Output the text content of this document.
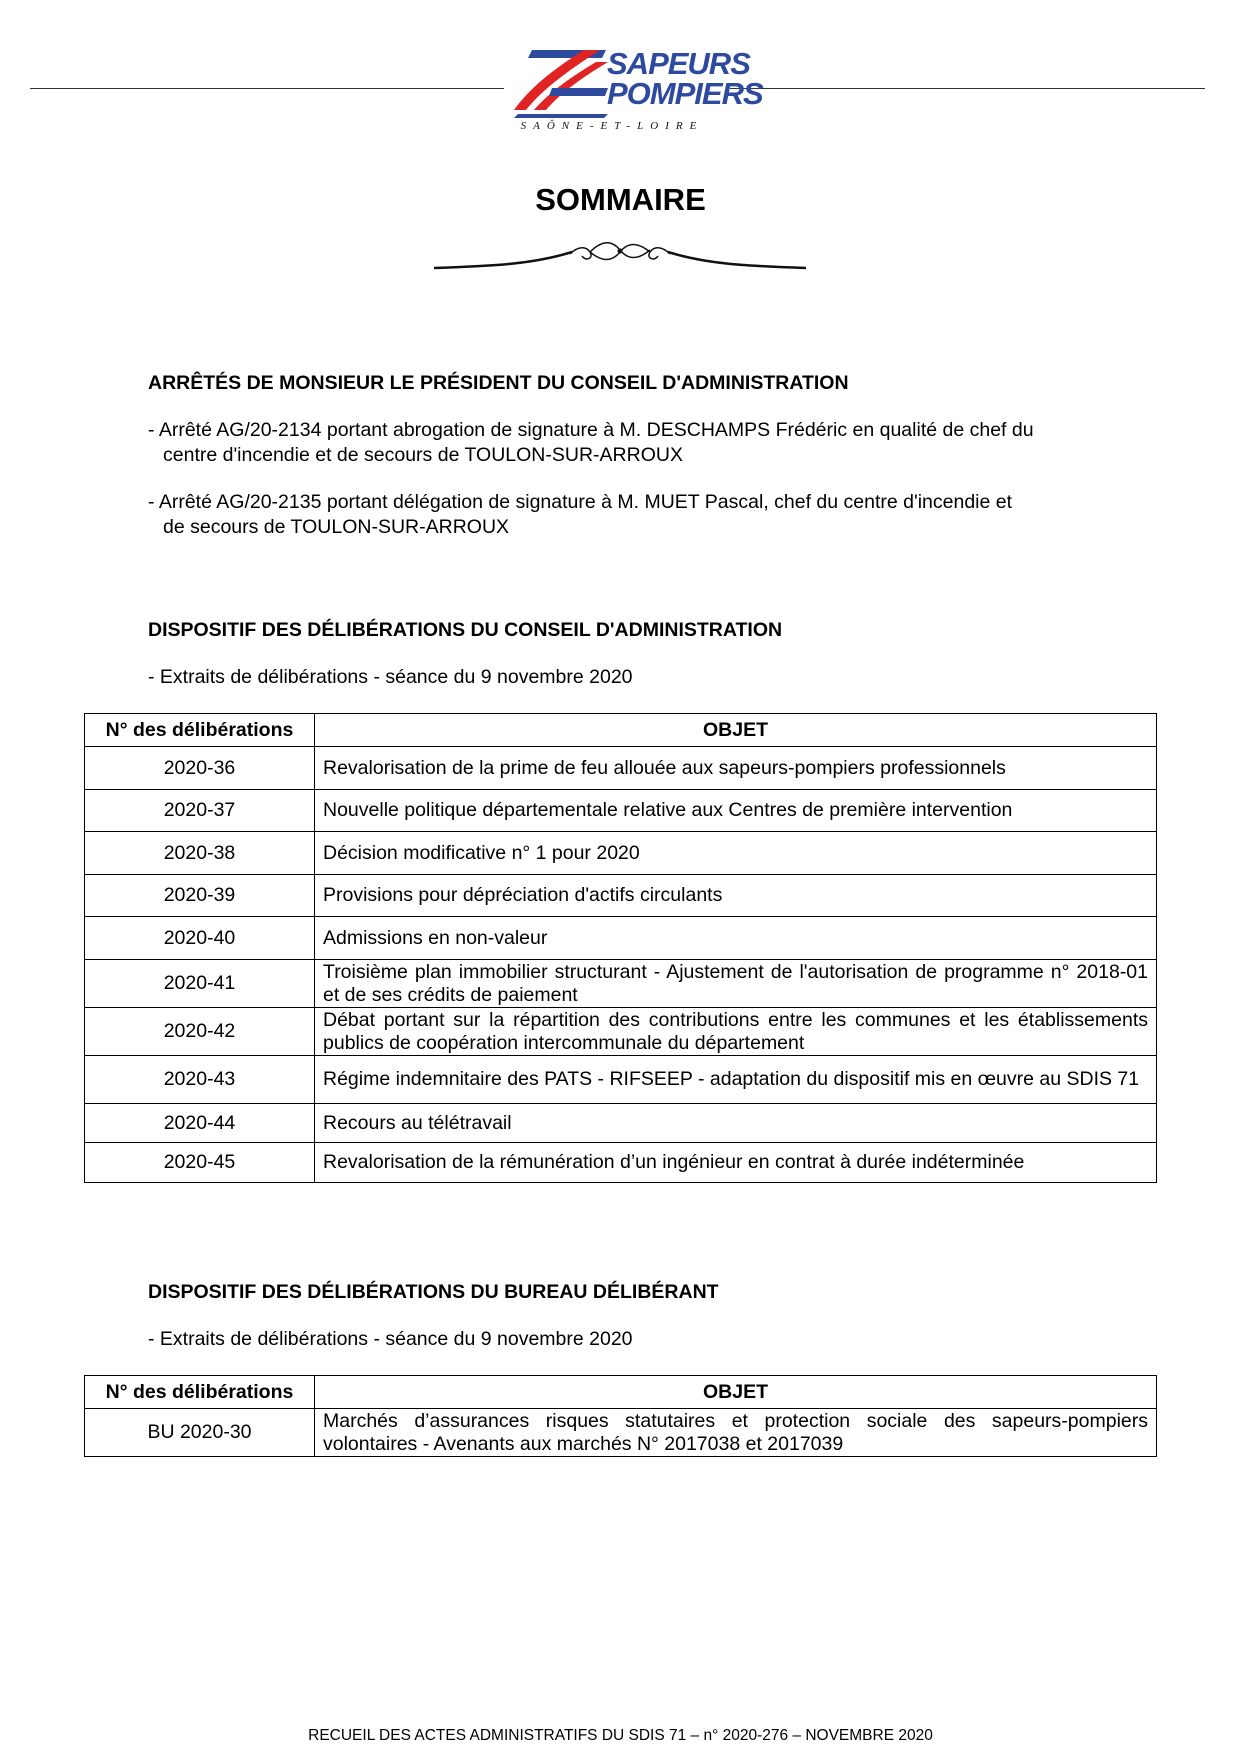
SAPEURS
POMPIERS
SAÔNE-ET-LOIRE
SOMMAIRE

ARRÊTÉS DE MONSIEUR LE PRÉSIDENT DU CONSEIL D'ADMINISTRATION

- Arrêté AG/20-2134 portant abrogation de signature à M. DESCHAMPS Frédéric en qualité de chef du
centre d'incendie et de secours de TOULON-SUR-ARROUX

- Arrêté AG/20-2135 portant délégation de signature à M. MUET Pascal, chef du centre d'incendie et
de secours de TOULON-SUR-ARROUX

DISPOSITIF DES DÉLIBÉRATIONS DU CONSEIL D'ADMINISTRATION

- Extraits de délibérations - séance du 9 novembre 2020

N° des délibérations	OBJET
2020-36	Revalorisation de la prime de feu allouée aux sapeurs-pompiers professionnels
2020-37	Nouvelle politique départementale relative aux Centres de première intervention
2020-38	Décision modificative n° 1 pour 2020
2020-39	Provisions pour dépréciation d'actifs circulants
2020-40	Admissions en non-valeur
2020-41	Troisième plan immobilier structurant - Ajustement de l'autorisation de programme n° 2018-01 et de ses crédits de paiement
2020-42	Débat portant sur la répartition des contributions entre les communes et les établissements publics de coopération intercommunale du département
2020-43	Régime indemnitaire des PATS - RIFSEEP - adaptation du dispositif mis en œuvre au SDIS 71
2020-44	Recours au télétravail
2020-45	Revalorisation de la rémunération d’un ingénieur en contrat à durée indéterminée

DISPOSITIF DES DÉLIBÉRATIONS DU BUREAU DÉLIBÉRANT

- Extraits de délibérations - séance du 9 novembre 2020

N° des délibérations	OBJET
BU 2020-30	Marchés d’assurances risques statutaires et protection sociale des sapeurs-pompiers volontaires - Avenants aux marchés N° 2017038 et 2017039

RECUEIL DES ACTES ADMINISTRATIFS DU SDIS 71 – n° 2020-276 – NOVEMBRE 2020
